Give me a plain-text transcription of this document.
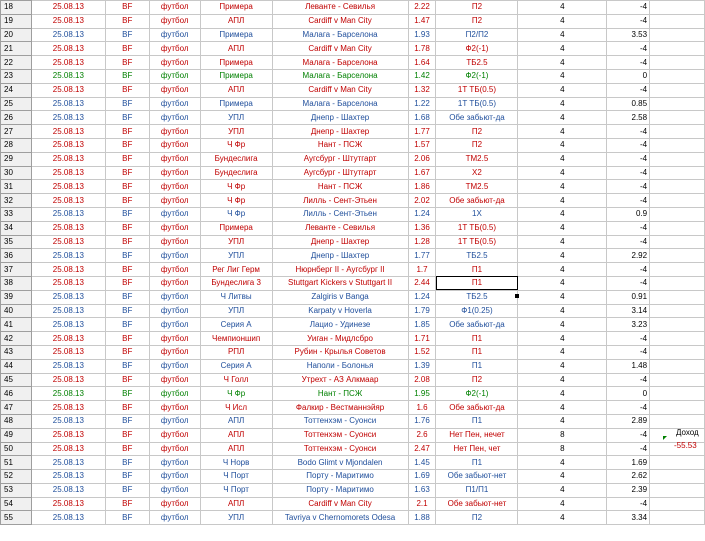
18	25.08.13	BF	футбол	Примера	Леванте - Севилья	2.22	П2	4	-4	
19	25.08.13	BF	футбол	АПЛ	Cardiff v Man City	1.47	П2	4	-4	
20	25.08.13	BF	футбол	Примера	Малага - Барселона	1.93	П2/П2	4	3.53	
21	25.08.13	BF	футбол	АПЛ	Cardiff v Man City	1.78	Ф2(-1)	4	-4	
22	25.08.13	BF	футбол	Примера	Малага - Барселона	1.64	ТБ2.5	4	-4	
23	25.08.13	BF	футбол	Примера	Малага - Барселона	1.42	Ф2(-1)	4	0	
24	25.08.13	BF	футбол	АПЛ	Cardiff v Man City	1.32	1Т ТБ(0.5)	4	-4	
25	25.08.13	BF	футбол	Примера	Малага - Барселона	1.22	1Т ТБ(0.5)	4	0.85	
26	25.08.13	BF	футбол	УПЛ	Днепр - Шахтер	1.68	Обе забьют-да	4	2.58	
27	25.08.13	BF	футбол	УПЛ	Днепр - Шахтер	1.77	П2	4	-4	
28	25.08.13	BF	футбол	Ч Фр	Нант - ПСЖ	1.57	П2	4	-4	
29	25.08.13	BF	футбол	Бундеслига	Аугсбург - Штутгарт	2.06	ТМ2.5	4	-4	
30	25.08.13	BF	футбол	Бундеслига	Аугсбург - Штутгарт	1.67	Х2	4	-4	
31	25.08.13	BF	футбол	Ч Фр	Нант - ПСЖ	1.86	ТМ2.5	4	-4	
32	25.08.13	BF	футбол	Ч Фр	Лилль - Сент-Этьен	2.02	Обе забьют-да	4	-4	
33	25.08.13	BF	футбол	Ч Фр	Лилль - Сент-Этьен	1.24	1Х	4	0.9	
34	25.08.13	BF	футбол	Примера	Леванте - Севилья	1.36	1Т ТБ(0.5)	4	-4	
35	25.08.13	BF	футбол	УПЛ	Днепр - Шахтер	1.28	1Т ТБ(0.5)	4	-4	
36	25.08.13	BF	футбол	УПЛ	Днепр - Шахтер	1.77	ТБ2.5	4	2.92	
37	25.08.13	BF	футбол	Рег Лиг Герм	Нюрнберг II - Аугсбург II	1.7	П1	4	-4	
38	25.08.13	BF	футбол	Бундеслига 3	Stuttgart Kickers v Stuttgart II	2.44	П1	4	-4	
39	25.08.13	BF	футбол	Ч Литвы	Zalgiris v Banga	1.24	ТБ2.5	4	0.91	
40	25.08.13	BF	футбол	УПЛ	Karpaty v Hoverla	1.79	Ф1(0.25)	4	3.14	
41	25.08.13	BF	футбол	Серия А	Лацио - Удинезе	1.85	Обе забьют-да	4	3.23	
42	25.08.13	BF	футбол	Чемпионшип	Уиган - Мидлсбро	1.71	П1	4	-4	
43	25.08.13	BF	футбол	РПЛ	Рубин - Крылья Советов	1.52	П1	4	-4	
44	25.08.13	BF	футбол	Серия А	Наполи - Болонья	1.39	П1	4	1.48	
45	25.08.13	BF	футбол	Ч Голл	Утрехт - АЗ Алкмаар	2.08	П2	4	-4	
46	25.08.13	BF	футбол	Ч Фр	Нант - ПСЖ	1.95	Ф2(-1)	4	0	
47	25.08.13	BF	футбол	Ч Исл	Фалкир - Вестманнэйяр	1.6	Обе забьют-да	4	-4	
48	25.08.13	BF	футбол	АПЛ	Тоттенхэм - Суонси	1.76	П1	4	2.89	
49	25.08.13	BF	футбол	АПЛ	Тоттенхэм - Суонси	2.6	Нет Пен, нечет	8	-4	
50	25.08.13	BF	футбол	АПЛ	Тоттенхэм - Суонси	2.47	Нет Пен, чет	8	-4	
51	25.08.13	BF	футбол	Ч Норв	Bodo Glimt v Mjondalen	1.45	П1	4	1.69	
52	25.08.13	BF	футбол	Ч Порт	Порту - Маритимо	1.69	Обе забьют-нет	4	2.62	
53	25.08.13	BF	футбол	Ч Порт	Порту - Маритимо	1.63	П1/П1	4	2.39	
54	25.08.13	BF	футбол	АПЛ	Cardiff v Man City	2.1	Обе забьют-нет	4	-4	
55	25.08.13	BF	футбол	УПЛ	Tavriya v Chernomorets Odesa	1.88	П2	4	3.34	
Доход
-55.53
